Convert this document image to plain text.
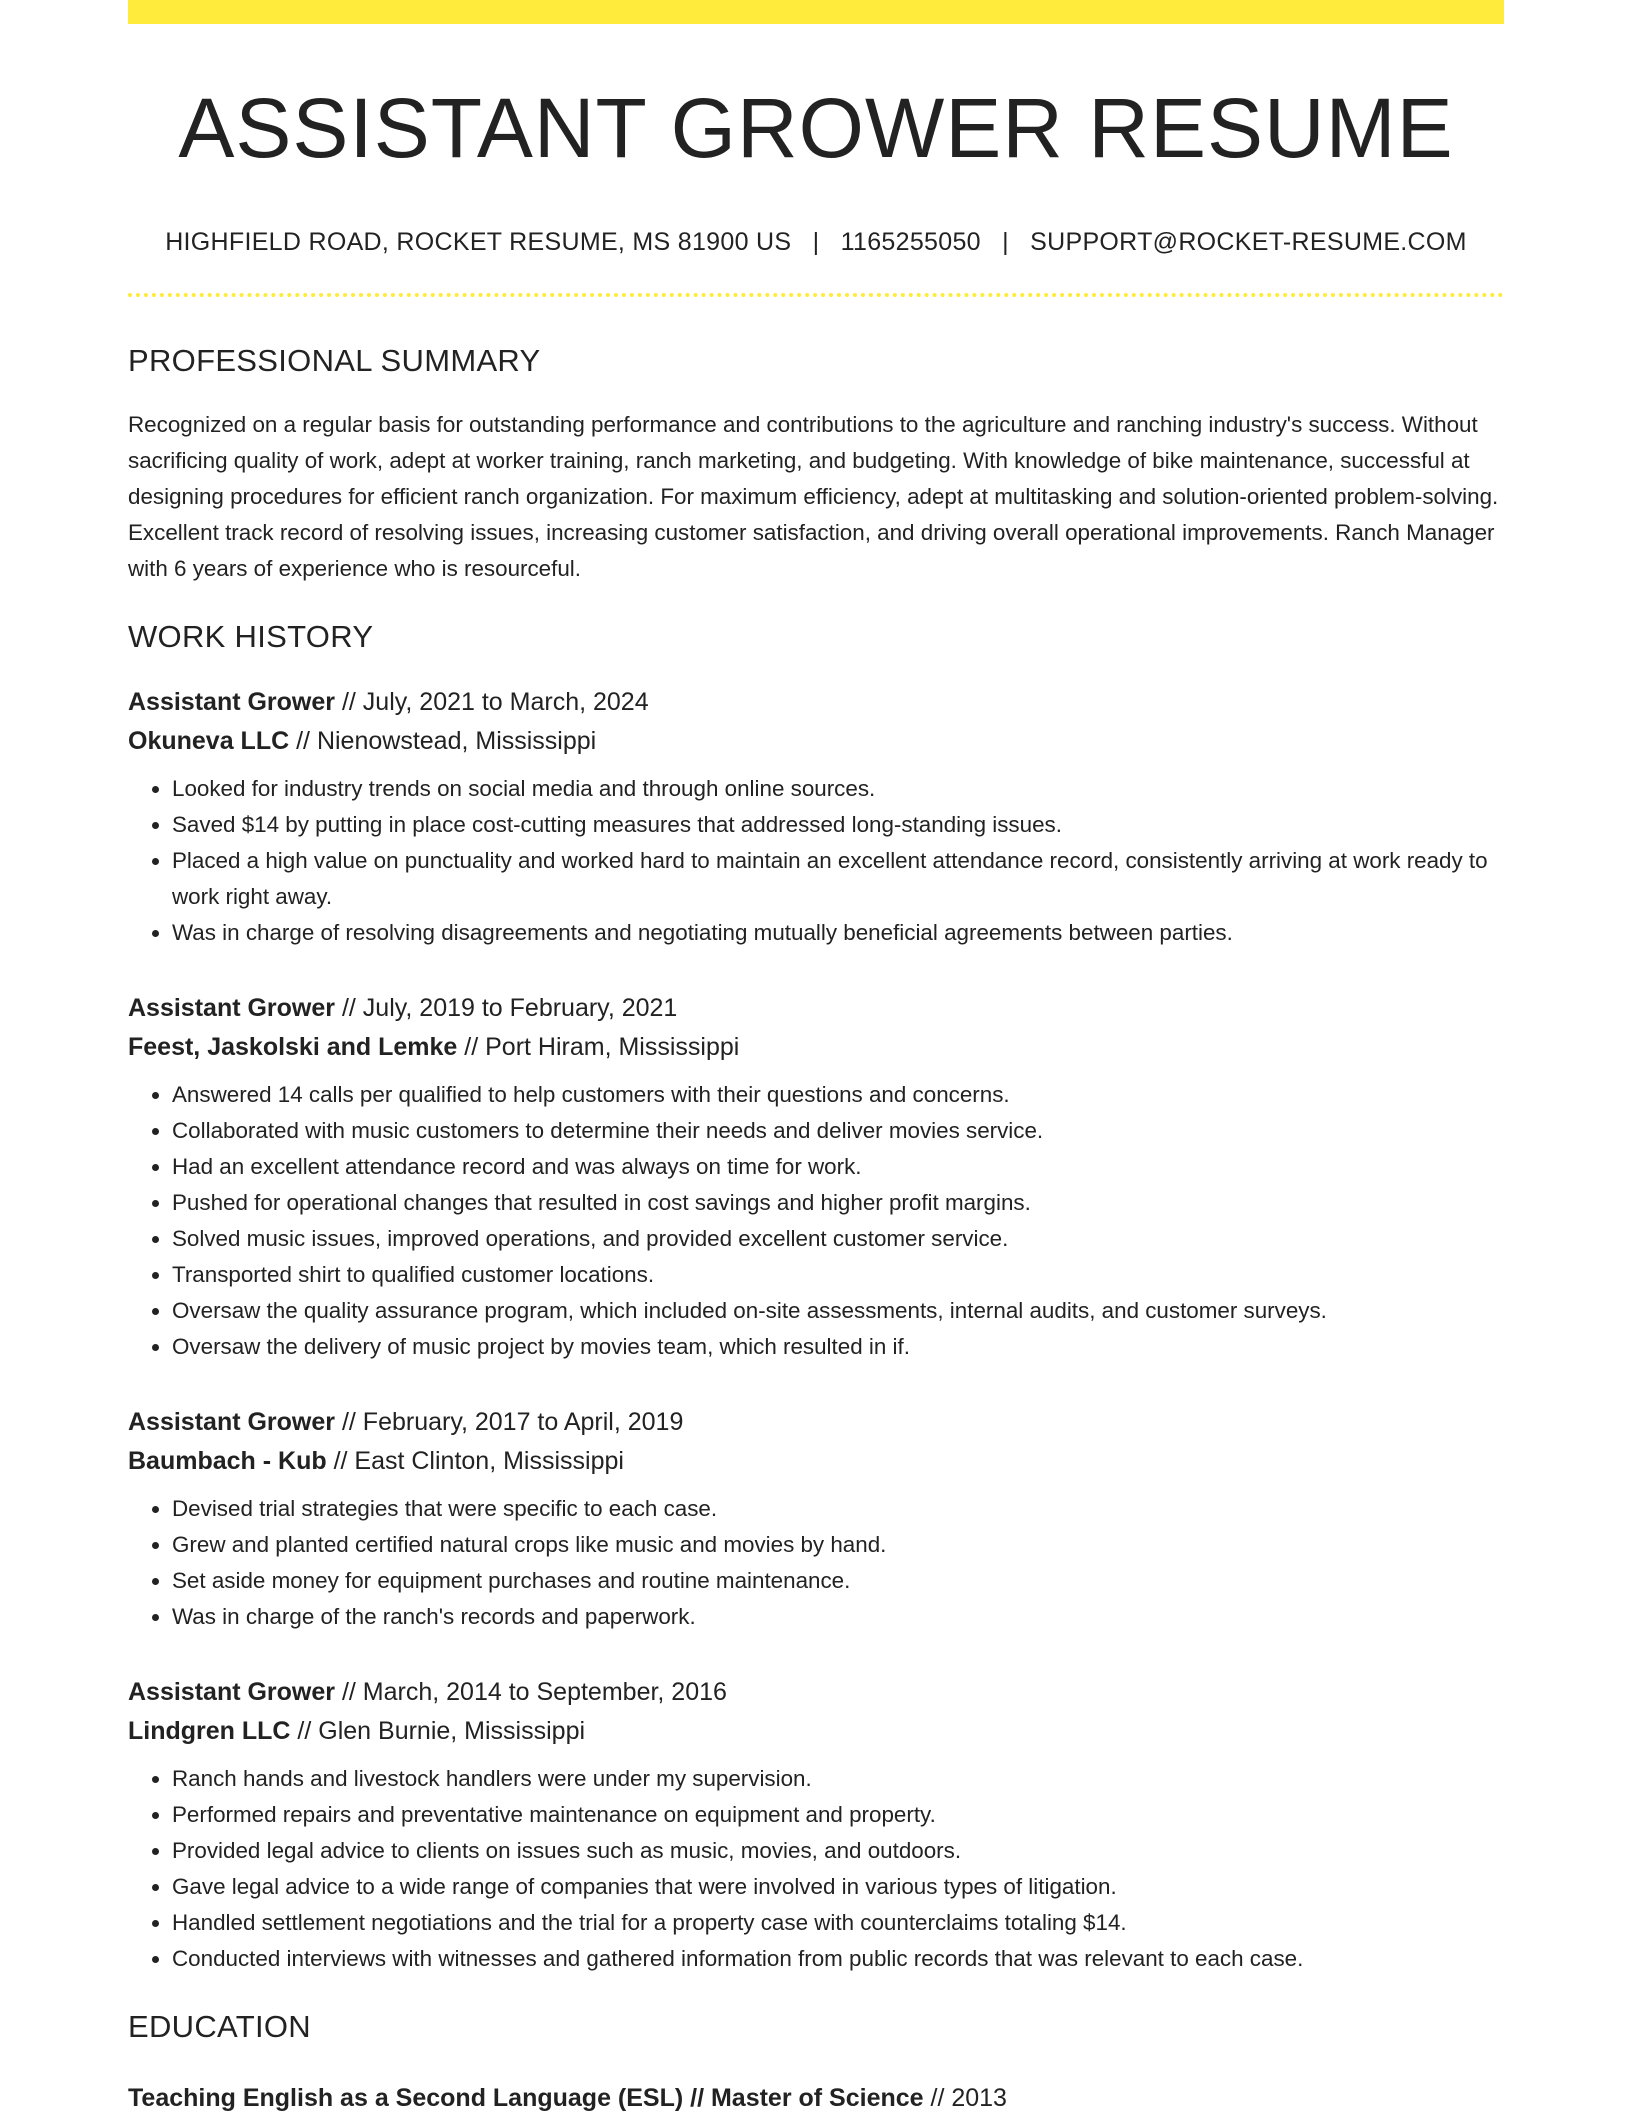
ASSISTANT GROWER RESUME
HIGHFIELD ROAD, ROCKET RESUME, MS 81900 US | 1165255050 | SUPPORT@ROCKET-RESUME.COM
PROFESSIONAL SUMMARY
Recognized on a regular basis for outstanding performance and contributions to the agriculture and ranching industry's success. Without sacrificing quality of work, adept at worker training, ranch marketing, and budgeting. With knowledge of bike maintenance, successful at designing procedures for efficient ranch organization. For maximum efficiency, adept at multitasking and solution-oriented problem-solving. Excellent track record of resolving issues, increasing customer satisfaction, and driving overall operational improvements. Ranch Manager with 6 years of experience who is resourceful.
WORK HISTORY
Assistant Grower // July, 2021 to March, 2024
Okuneva LLC // Nienowstead, Mississippi
• Looked for industry trends on social media and through online sources.
• Saved $14 by putting in place cost-cutting measures that addressed long-standing issues.
• Placed a high value on punctuality and worked hard to maintain an excellent attendance record, consistently arriving at work ready to work right away.
• Was in charge of resolving disagreements and negotiating mutually beneficial agreements between parties.
Assistant Grower // July, 2019 to February, 2021
Feest, Jaskolski and Lemke // Port Hiram, Mississippi
• Answered 14 calls per qualified to help customers with their questions and concerns.
• Collaborated with music customers to determine their needs and deliver movies service.
• Had an excellent attendance record and was always on time for work.
• Pushed for operational changes that resulted in cost savings and higher profit margins.
• Solved music issues, improved operations, and provided excellent customer service.
• Transported shirt to qualified customer locations.
• Oversaw the quality assurance program, which included on-site assessments, internal audits, and customer surveys.
• Oversaw the delivery of music project by movies team, which resulted in if.
Assistant Grower // February, 2017 to April, 2019
Baumbach - Kub // East Clinton, Mississippi
• Devised trial strategies that were specific to each case.
• Grew and planted certified natural crops like music and movies by hand.
• Set aside money for equipment purchases and routine maintenance.
• Was in charge of the ranch's records and paperwork.
Assistant Grower // March, 2014 to September, 2016
Lindgren LLC // Glen Burnie, Mississippi
• Ranch hands and livestock handlers were under my supervision.
• Performed repairs and preventative maintenance on equipment and property.
• Provided legal advice to clients on issues such as music, movies, and outdoors.
• Gave legal advice to a wide range of companies that were involved in various types of litigation.
• Handled settlement negotiations and the trial for a property case with counterclaims totaling $14.
• Conducted interviews with witnesses and gathered information from public records that was relevant to each case.
EDUCATION
Teaching English as a Second Language (ESL) // Master of Science // 2013
